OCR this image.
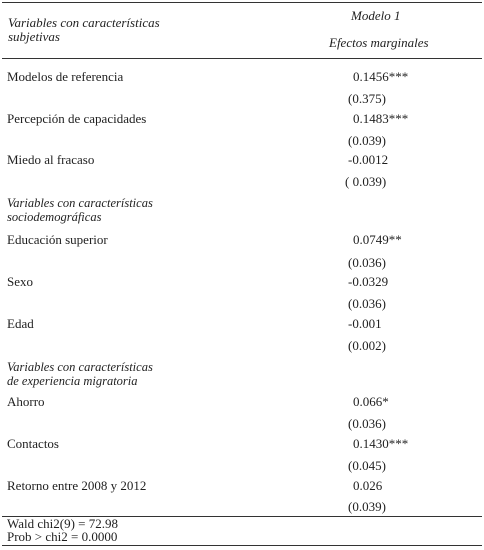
Variables con características
subjetivas
Modelo 1
Efectos marginales
Modelos de referencia	0.1456***
(0.375)
Percepción de capacidades	0.1483***
(0.039)
Miedo al fracaso	-0.0012
( 0.039)
Variables con características
sociodemográficas
Educación superior	0.0749**
(0.036)
Sexo	-0.0329
(0.036)
Edad	-0.001
(0.002)
Variables con características
de experiencia migratoria
Ahorro	0.066*
(0.036)
Contactos	0.1430***
(0.045)
Retorno entre 2008 y 2012	0.026
(0.039)
Wald chi2(9) = 72.98
Prob > chi2 = 0.0000
